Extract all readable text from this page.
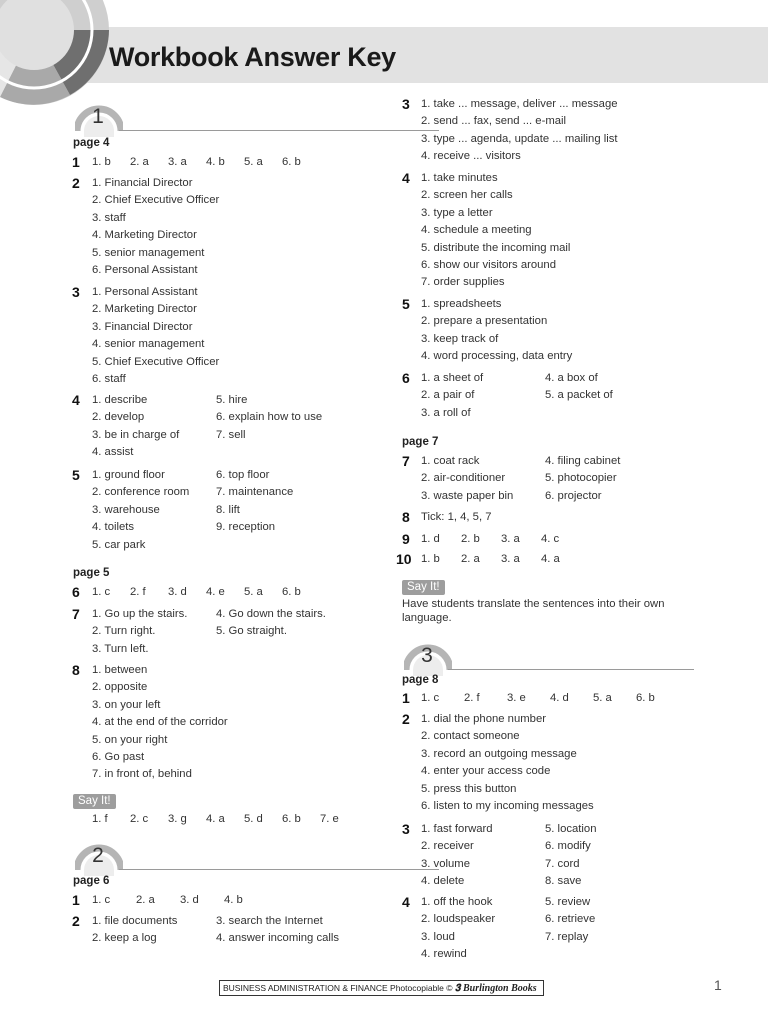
Workbook Answer Key
1
page 4
1 1. b 2. a 3. a 4. b 5. a 6. b
2 1. Financial Director
2. Chief Executive Officer
3. staff
4. Marketing Director
5. senior management
6. Personal Assistant
3 1. Personal Assistant
2. Marketing Director
3. Financial Director
4. senior management
5. Chief Executive Officer
6. staff
4 1. describe
2. develop
3. be in charge of
4. assist
5. hire
6. explain how to use
7. sell
5 1. ground floor
2. conference room
3. warehouse
4. toilets
5. car park
6. top floor
7. maintenance
8. lift
9. reception
page 5
6 1. c 2. f 3. d 4. e 5. a 6. b
7 1. Go up the stairs.
2. Turn right.
3. Turn left.
4. Go down the stairs.
5. Go straight.
8 1. between
2. opposite
3. on your left
4. at the end of the corridor
5. on your right
6. Go past
7. in front of, behind
Say It!
1. f 2. c 3. g 4. a 5. d 6. b 7. e
2
page 6
1 1. c 2. a 3. d 4. b
2 1. file documents
2. keep a log
3. search the Internet
4. answer incoming calls
3 1. take ... message, deliver ... message
2. send ... fax, send ... e-mail
3. type ... agenda, update ... mailing list
4. receive ... visitors
4 1. take minutes
2. screen her calls
3. type a letter
4. schedule a meeting
5. distribute the incoming mail
6. show our visitors around
7. order supplies
5 1. spreadsheets
2. prepare a presentation
3. keep track of
4. word processing, data entry
6 1. a sheet of
2. a pair of
3. a roll of
4. a box of
5. a packet of
page 7
7 1. coat rack
2. air-conditioner
3. waste paper bin
4. filing cabinet
5. photocopier
6. projector
8 Tick: 1, 4, 5, 7
9 1. d 2. b 3. a 4. c
10 1. b 2. a 3. a 4. a
Say It!
Have students translate the sentences into their own language.
3
page 8
1 1. c 2. f 3. e 4. d 5. a 6. b
2 1. dial the phone number
2. contact someone
3. record an outgoing message
4. enter your access code
5. press this button
6. listen to my incoming messages
3 1. fast forward
2. receiver
3. volume
4. delete
5. location
6. modify
7. cord
8. save
4 1. off the hook
2. loudspeaker
3. loud
4. rewind
5. review
6. retrieve
7. replay
BUSINESS ADMINISTRATION & FINANCE Photocopiable © 𝟑 Burlington Books	1
